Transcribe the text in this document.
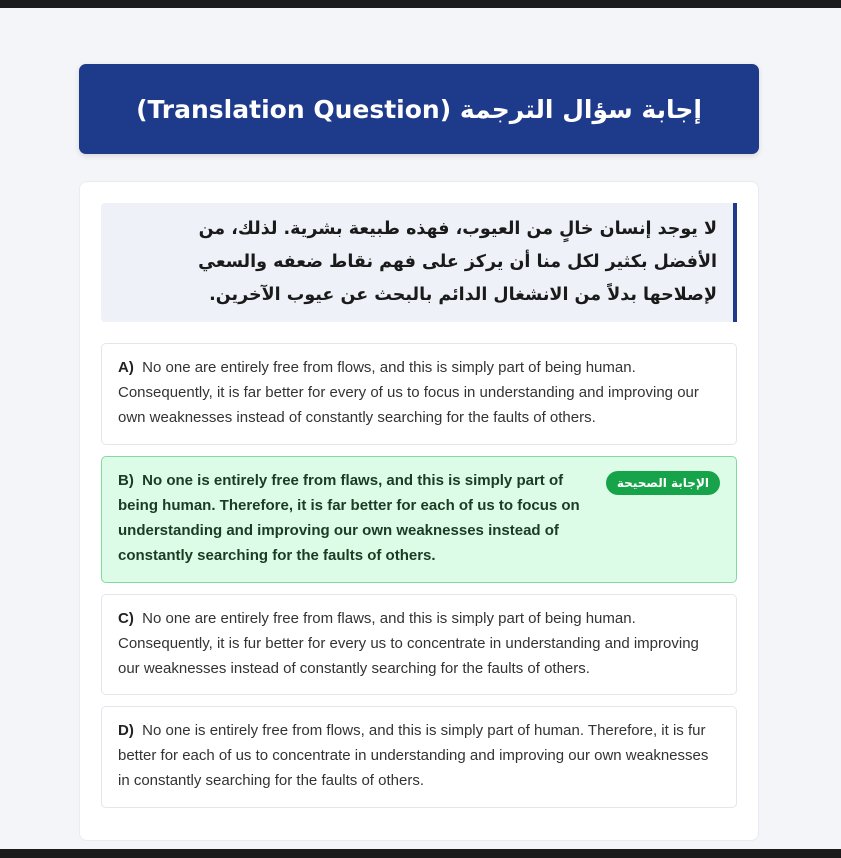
إجابة سؤال الترجمة (Translation Question)
لا يوجد إنسان خالٍ من العيوب، فهذه طبيعة بشرية. لذلك، من الأفضل بكثير لكل منا أن يركز على فهم نقاط ضعفه والسعي لإصلاحها بدلاً من الانشغال الدائم بالبحث عن عيوب الآخرين.
A) No one are entirely free from flows, and this is simply part of being human. Consequently, it is far better for every of us to focus in understanding and improving our own weaknesses instead of constantly searching for the faults of others.
الإجابة الصحيحة
B) No one is entirely free from flaws, and this is simply part of being human. Therefore, it is far better for each of us to focus on understanding and improving our own weaknesses instead of constantly searching for the faults of others.
C) No one are entirely free from flaws, and this is simply part of being human. Consequently, it is fur better for every us to concentrate in understanding and improving our weaknesses instead of constantly searching for the faults of others.
D) No one is entirely free from flows, and this is simply part of human. Therefore, it is fur better for each of us to concentrate in understanding and improving our own weaknesses in constantly searching for the faults of others.
